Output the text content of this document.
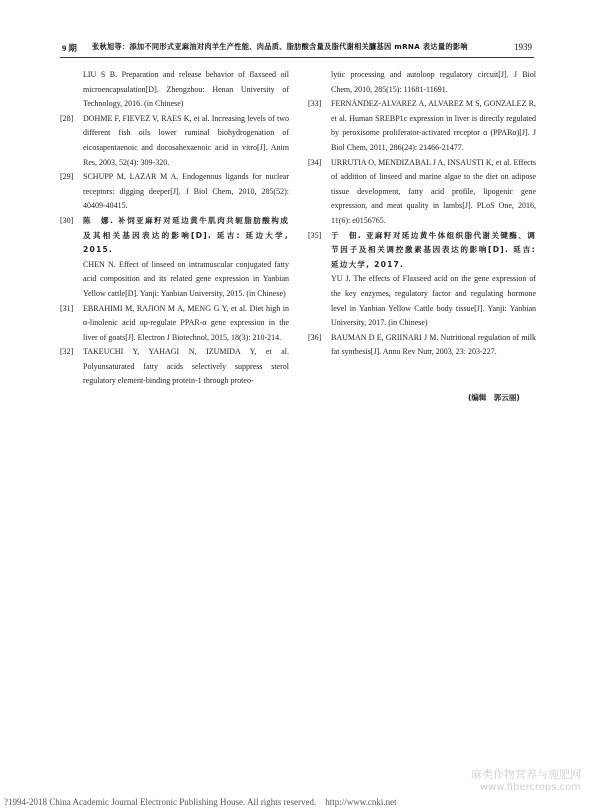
9 期 张秋旭等：添加不同形式亚麻油对肉羊生产性能、肉品质、脂肪酸含量及脂代谢相关臁基因 mRNA 表达量的影响	1939
LIU S B. Preparation and release behavior of flaxseed oil microencapsulation[D]. Zhengzhou: Henan University of Technology, 2016. (in Chinese)
[28] DOHME F, FIEVEZ V, RAES K, et al. Increasing levels of two different fish oils lower ruminal biohydrogenation of eicosapentaenoic and docosahexaenoic acid in vitro[J]. Anim Res, 2003, 52(4): 309-320.
[29] SCHUPP M, LAZAR M A. Endogenous ligands for nuclear receptors: digging deeper[J]. J Biol Chem, 2010, 285(52): 40409-40415.
[30] 陈　娜. 补饲亚麻籽对延边黄牛肌肉共轭脂肪酸构成及其相关基因表达的影响[D]. 延吉: 延边大学, 2015.
CHEN N. Effect of linseed on intramuscular conjugated fatty acid composition and its related gene expression in Yanbian Yellow cattle[D]. Yanji: Yanbian University, 2015. (in Chinese)
[31] EBRAHIMI M, RAJION M A, MENG G Y, et al. Diet high in α-linolenic acid up-regulate PPAR-α gene expression in the liver of goats[J]. Electron J Biotechnol, 2015, 18(3): 210-214.
[32] TAKEUCHI Y, YAHAGI N, IZUMIDA Y, et al. Polyunsaturated fatty acids selectively suppress sterol regulatory element-binding protein-1 through proteo-
lytic processing and autoloop regulatory circuit[J]. J Biol Chem, 2010, 285(15): 11681-11691.
[33] FERNÁNDEZ-ALVAREZ A, ALVAREZ M S, GONZALEZ R, et al. Human SREBP1c expression in liver is directly regulated by peroxisome proliferator-activated receptor α (PPARα)[J]. J Biol Chem, 2011, 286(24): 21466-21477.
[34] URRUTIA O, MENDIZABAL J A, INSAUSTI K, et al. Effects of addition of linseed and marine algae to the diet on adipose tissue development, fatty acid profile, lipogenic gene expression, and meat quality in lambs[J]. PLoS One, 2016, 11(6): e0156765.
[35] 于　佃. 亚麻籽对延边黄牛体组织脂代谢关键酶、调节因子及相关调控激素基因表达的影响[D]. 延吉: 延边大学, 2017.
YU J. The effects of Flaxseed acid on the gene expression of the key enzymes, regulatory factor and regulating hormone level in Yanbian Yellow Cattle body tissue[J]. Yanji: Yanbian University, 2017. (in Chinese)
[36] BAUMAN D E, GRIINARI J M. Nutritional regulation of milk fat synthesis[J]. Annu Rev Nutr, 2003, 23: 203-227.
(编辑　郭云丽)
麻类作物营养与施肥网
www.fibercrops.com
?1994-2018 China Academic Journal Electronic Publishing House. All rights reserved.　http://www.cnki.net
